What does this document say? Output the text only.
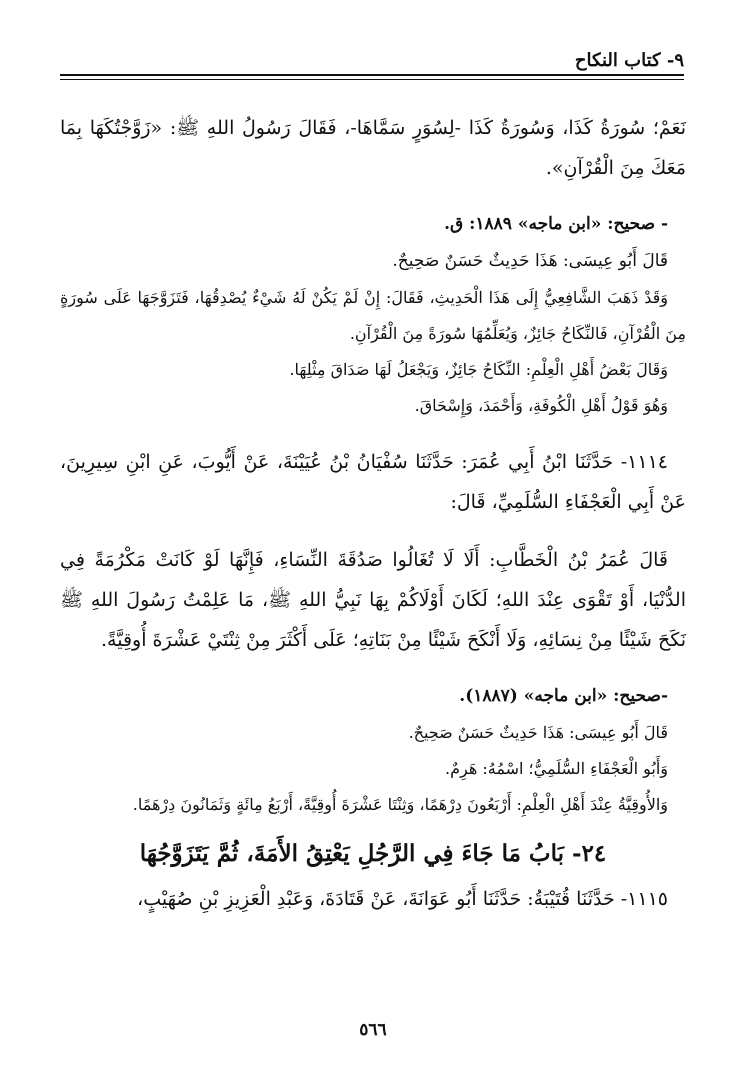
٩- كتاب النكاح

نَعَمْ؛ سُورَةُ كَذَا، وَسُورَةُ كَذَا -لِسُوَرٍ سَمَّاهَا-، فَقَالَ رَسُولُ اللهِ ﷺ: «زَوَّجْتُكَهَا بِمَا مَعَكَ مِنَ الْقُرْآنِ».

- صحيح: «ابن ماجه» ١٨٨٩: ق.

قَالَ أَبُو عِيسَى: هَذَا حَدِيثٌ حَسَنٌ صَحِيحٌ.

وَقَدْ ذَهَبَ الشَّافِعِيُّ إِلَى هَذَا الْحَدِيثِ، فَقَالَ: إِنْ لَمْ يَكُنْ لَهُ شَيْءٌ يُصْدِقُهَا، فَتَزَوَّجَهَا عَلَى سُورَةٍ مِنَ الْقُرْآنِ، فَالنِّكَاحُ جَائِزٌ، وَيُعَلِّمُهَا سُورَةً مِنَ الْقُرْآنِ.

وَقَالَ بَعْضُ أَهْلِ الْعِلْمِ: النِّكَاحُ جَائِزٌ، وَيَجْعَلُ لَهَا صَدَاقَ مِثْلِهَا.

وَهُوَ قَوْلُ أَهْلِ الْكُوفَةِ، وَأَحْمَدَ، وَإِسْحَاقَ.

١١١٤- حَدَّثَنَا ابْنُ أَبِي عُمَرَ: حَدَّثَنَا سُفْيَانُ بْنُ عُيَيْنَةَ، عَنْ أَيُّوبَ، عَنِ ابْنِ سِيرِينَ، عَنْ أَبِي الْعَجْفَاءِ السُّلَمِيِّ، قَالَ:

قَالَ عُمَرُ بْنُ الْخَطَّابِ: أَلَا لَا تُغَالُوا صَدُقَةَ النِّسَاءِ، فَإِنَّهَا لَوْ كَانَتْ مَكْرُمَةً فِي الدُّنْيَا، أَوْ تَقْوَى عِنْدَ اللهِ؛ لَكَانَ أَوْلَاكُمْ بِهَا نَبِيُّ اللهِ ﷺ، مَا عَلِمْتُ رَسُولَ اللهِ ﷺ نَكَحَ شَيْئًا مِنْ نِسَائِهِ، وَلَا أَنْكَحَ شَيْئًا مِنْ بَنَاتِهِ؛ عَلَى أَكْثَرَ مِنْ ثِنْتَيْ عَشْرَةَ أُوقِيَّةً.

-صحيح: «ابن ماجه» (١٨٨٧).

قَالَ أَبُو عِيسَى: هَذَا حَدِيثٌ حَسَنٌ صَحِيحٌ.

وَأَبُو الْعَجْفَاءِ السُّلَمِيُّ؛ اسْمُهُ: هَرِمٌ.

وَالأُوقِيَّةُ عِنْدَ أَهْلِ الْعِلْمِ: أَرْبَعُونَ دِرْهَمًا، وَثِنْتَا عَشْرَةَ أُوقِيَّةً، أَرْبَعُ مِائَةٍ وَثَمَانُونَ دِرْهَمًا.

٢٤- بَابُ مَا جَاءَ فِي الرَّجُلِ يَعْتِقُ الأَمَةَ، ثُمَّ يَتَزَوَّجُهَا

١١١٥- حَدَّثَنَا قُتَيْبَةُ: حَدَّثَنَا أَبُو عَوَانَةَ، عَنْ قَتَادَةَ، وَعَبْدِ الْعَزِيزِ بْنِ صُهَيْبٍ،

٥٦٦
